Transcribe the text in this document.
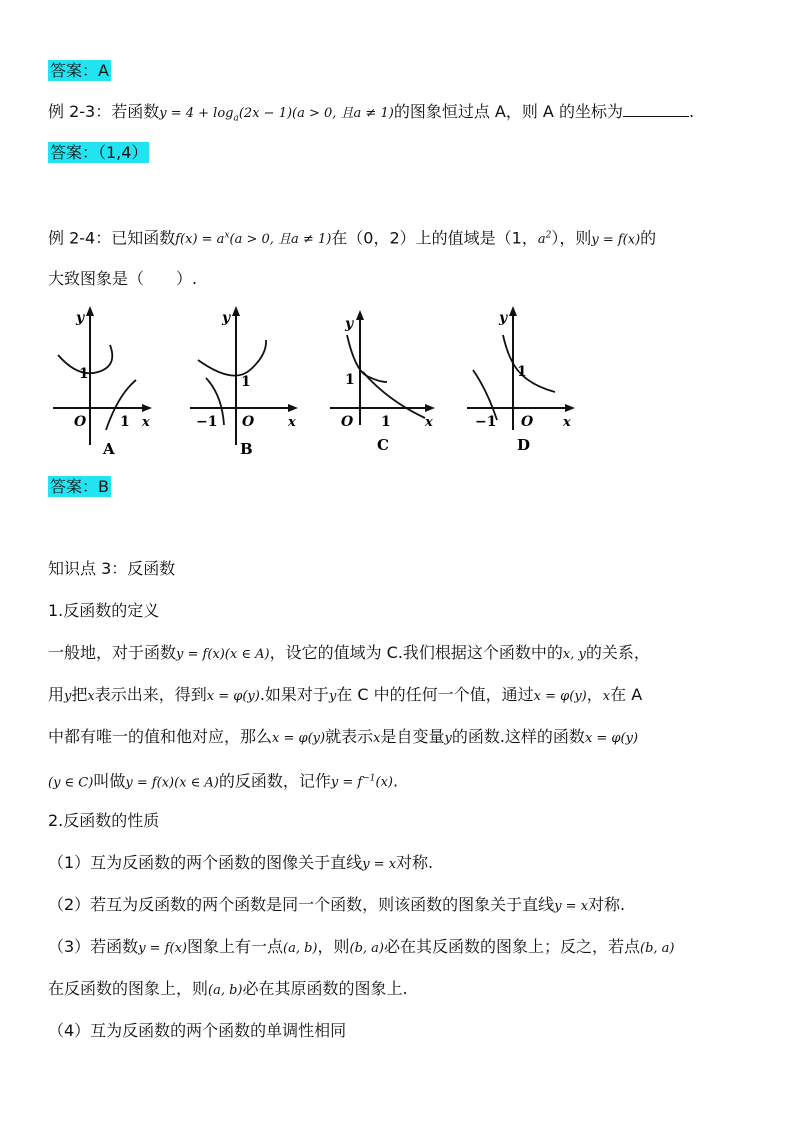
答案：A
例 2-3：若函数$y = 4 + \log_a(2x - 1)(a > 0$, 且a ≠ 1)的图象恒过点 A，则 A 的坐标为	.
答案：（1,4）
例 2-4：已知函数$f(x) = a^x(a > 0$, 且a ≠ 1)在（0，2）上的值域是（1，$a^2$），则y = f(x)的
大致图象是（　　）.
y
x
O
1
1
A
y
x
O
1
−1
B
y
x
O
1
1
C
y
x
O
1
−1
D
答案：B
知识点 3：反函数
1.反函数的定义
一般地，对于函数y = f(x)(x ∈ A)，设它的值域为 C.我们根据这个函数中的x, y的关系，
用y把x表示出来，得到x = φ(y).如果对于y在 C 中的任何一个值，通过x = φ(y)，x在 A
中都有唯一的值和他对应，那么x = φ(y)就表示x是自变量y的函数.这样的函数x = φ(y)
(y ∈ C)叫做y = f(x)(x ∈ A)的反函数，记作$y = f^{-1}(x)$.
2.反函数的性质
（1）互为反函数的两个函数的图像关于直线y = x对称.
（2）若互为反函数的两个函数是同一个函数，则该函数的图象关于直线y = x对称.
（3）若函数y = f(x)图象上有一点(a, b)，则(b, a)必在其反函数的图象上；反之，若点(b, a)
在反函数的图象上，则(a, b)必在其原函数的图象上.
（4）互为反函数的两个函数的单调性相同
